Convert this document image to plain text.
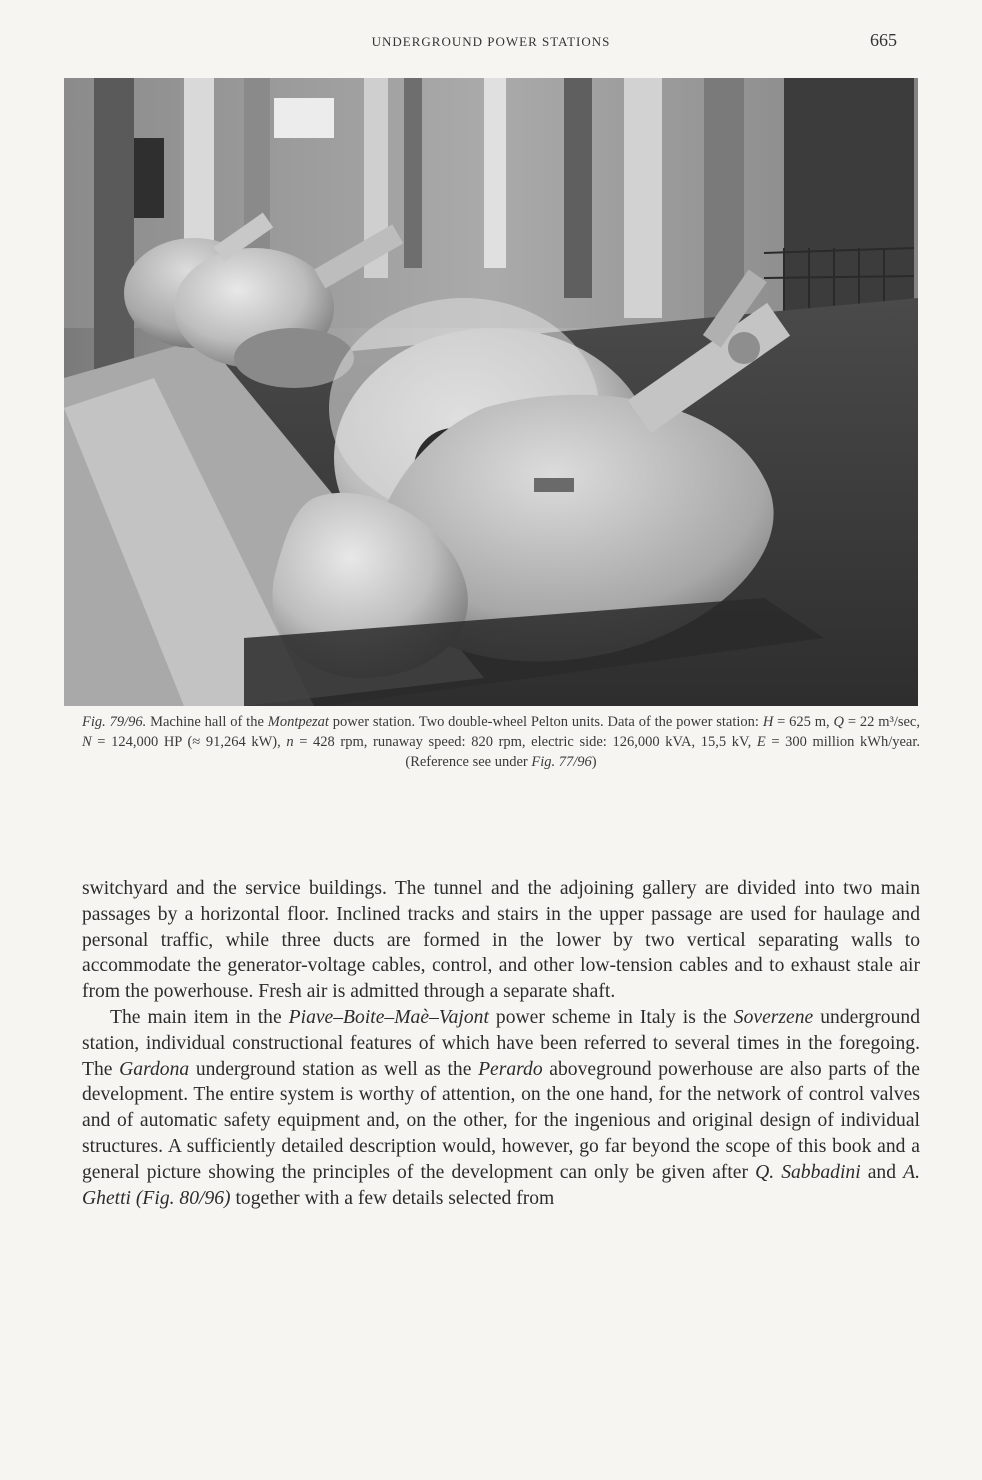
UNDERGROUND POWER STATIONS	665
Fig. 79/96. Machine hall of the Montpezat power station. Two double-wheel Pelton units. Data of the power station: H = 625 m, Q = 22 m³/sec, N = 124,000 HP (≈ 91,264 kW), n = 428 rpm, runaway speed: 820 rpm, electric side: 126,000 kVA, 15,5 kV, E = 300 million kWh/year. (Reference see under Fig. 77/96)

switchyard and the service buildings. The tunnel and the adjoining gallery are divided into two main passages by a horizontal floor. Inclined tracks and stairs in the upper passage are used for haulage and personal traffic, while three ducts are formed in the lower by two vertical separating walls to accommodate the generator-voltage cables, control, and other low-tension cables and to exhaust stale air from the powerhouse. Fresh air is admitted through a separate shaft.

The main item in the Piave–Boite–Maè–Vajont power scheme in Italy is the Soverzene underground station, individual constructional features of which have been referred to several times in the foregoing. The Gardona underground station as well as the Perardo aboveground powerhouse are also parts of the development. The entire system is worthy of attention, on the one hand, for the network of control valves and of automatic safety equipment and, on the other, for the ingenious and original design of individual structures. A sufficiently detailed description would, however, go far beyond the scope of this book and a general picture showing the principles of the development can only be given after Q. Sabbadini and A. Ghetti (Fig. 80/96) together with a few details selected from
